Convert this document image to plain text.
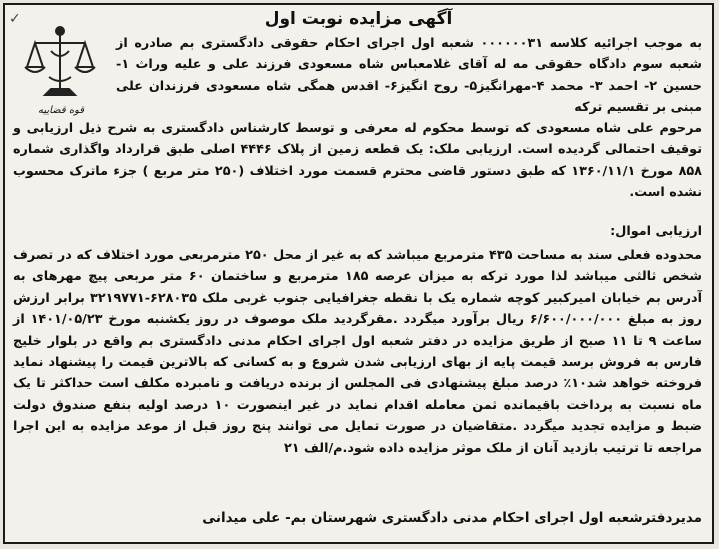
✓	آگهی مزایده نوبت اول
قوه قضاییه
به موجب اجرائیه کلاسه ۰۰۰۰۰۰۳۱ شعبه اول اجرای احکام حقوقی دادگستری بم صادره از شعبه سوم دادگاه حقوقی مه له آقای غلامعباس شاه مسعودی فرزند علی و علیه وراث ۱- حسین ۲- احمد ۳- محمد ۴-مهرانگیز۵- روح انگیز۶- اقدس همگی شاه مسعودی فرزندان علی مبنی بر تقسیم ترکه
مرحوم علی شاه مسعودی که توسط محکوم له معرفی و توسط کارشناس دادگستری به شرح ذیل ارزیابی و توقیف احتمالی گردیده است. ارزیابی ملک: یک قطعه زمین از پلاک ۴۴۴۶ اصلی طبق قرارداد واگذاری شماره ۸۵۸ مورخ ۱۳۶۰/۱۱/۱ که طبق دستور قاضی محترم قسمت مورد اختلاف (۲۵۰ متر مربع ) جزء ماترک محسوب نشده است.
ارزیابی اموال:
محدوده فعلی سند به مساحت ۴۳۵ مترمربع میباشد که به غیر از محل ۲۵۰ مترمربعی مورد اختلاف که در تصرف شخص ثالثی میباشد لذا مورد ترکه به میزان عرصه ۱۸۵ مترمربع و ساختمان ۶۰ متر مربعی پیچ مهرهای به آدرس بم خیابان امیرکبیر کوچه شماره یک با نقطه جغرافیایی جنوب غربی ملک ۶۲۸۰۳۵-۳۲۱۹۷۷۱ برابر ارزش روز به مبلغ ۶/۶۰۰/۰۰۰/۰۰۰ ریال برآورد میگردد .مقرگردید ملک موصوف در روز یکشنبه مورخ ۱۴۰۱/۰۵/۲۳ از ساعت ۹ تا ۱۱ صبح از طریق مزایده در دفتر شعبه اول اجرای احکام مدنی دادگستری بم واقع در بلوار خلیج فارس به فروش برسد قیمت پایه از بهای ارزیابی شدن شروع و به کسانی که بالاترین قیمت را پیشنهاد نماید فروخته خواهد شد۱۰٪ درصد مبلغ پیشنهادی فی المجلس از برنده دریافت و نامبرده مکلف است حداکثر تا یک ماه نسبت به پرداخت باقیمانده ثمن معامله اقدام نماید در غیر اینصورت ۱۰ درصد اولیه بنفع صندوق دولت ضبط و مزایده تجدید میگردد .متقاضیان در صورت تمایل می توانند پنج روز قبل از موعد مزایده به این اجرا مراجعه تا ترتیب بازدید آنان از ملک موثر مزایده داده شود.م/الف ۲۱
مدیردفترشعبه اول اجرای احکام مدنی دادگستری شهرستان بم- علی میدانی
